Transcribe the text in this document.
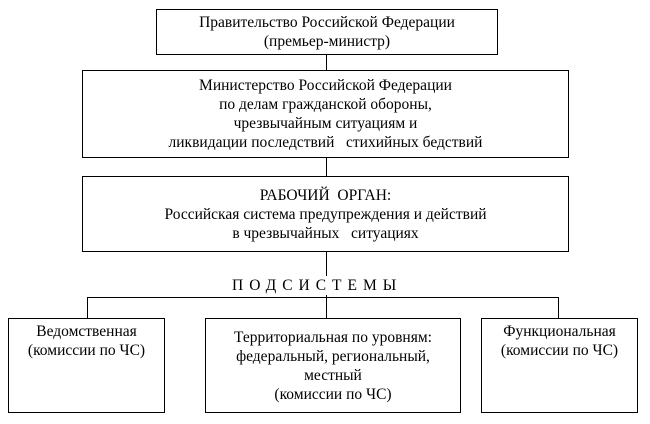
Правительство Российской Федерации
(премьер-министр)
Министерство Российской Федерации
по делам гражданской обороны,
чрезвычайным ситуациям и
ликвидации последствий   стихийных бедствий
РАБОЧИЙ  ОРГАН:
Российская система предупреждения и действий
в чрезвычайных   ситуациях
ПОДСИСТЕМЫ
Ведомственная
(комиссии по ЧС)
Территориальная по уровням:
федеральный, региональный,
местный
(комиссии по ЧС)
Функциональная
(комиссии по ЧС)
